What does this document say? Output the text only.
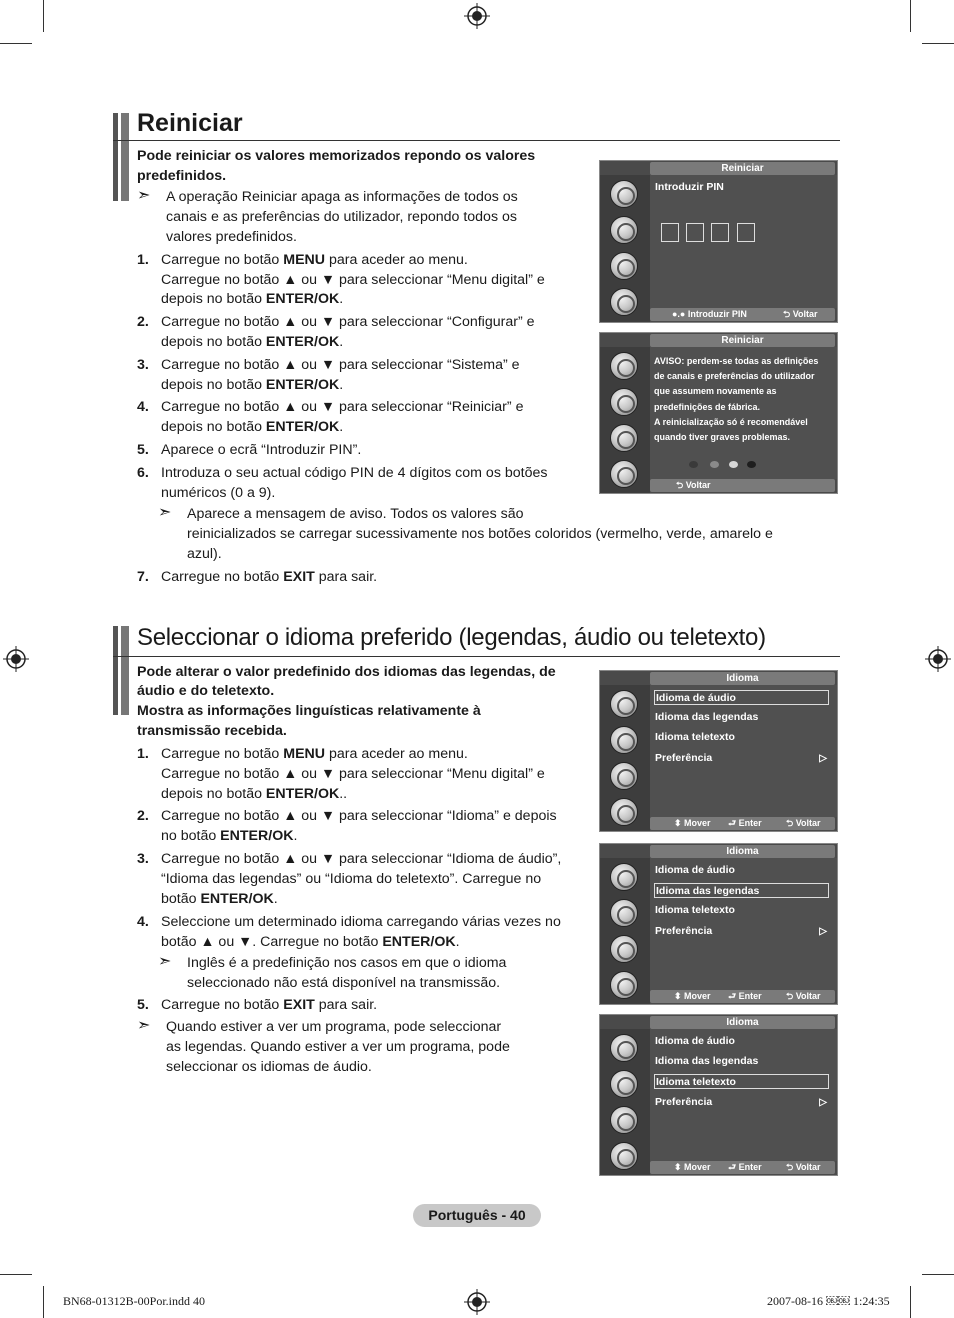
Reiniciar
Pode reiniciar os valores memorizados repondo os valores predefinidos.
➣ A operação Reiniciar apaga as informações de todos os
canais e as preferências do utilizador, repondo todos os
valores predefinidos.
1. Carregue no botão MENU para aceder ao menu.
Carregue no botão ▲ ou ▼ para seleccionar “Menu digital” e
depois no botão ENTER/OK.
2. Carregue no botão ▲ ou ▼ para seleccionar “Configurar” e
depois no botão ENTER/OK.
3. Carregue no botão ▲ ou ▼ para seleccionar “Sistema” e
depois no botão ENTER/OK.
4. Carregue no botão ▲ ou ▼ para seleccionar “Reiniciar” e
depois no botão ENTER/OK.
5. Aparece o ecrã “Introduzir PIN”.
6. Introduza o seu actual código PIN de 4 dígitos com os botões
numéricos (0 a 9).
➣ Aparece a mensagem de aviso. Todos os valores são
reinicializados se carregar sucessivamente nos botões coloridos (vermelho, verde, amarelo e
azul).
7. Carregue no botão EXIT para sair.
Reiniciar
Introduzir PIN
●.● Introduzir PIN	⮌ Voltar
Reiniciar
AVISO: perdem-se todas as definições
de canais e preferências do utilizador
que assumem novamente as
predefinições de fábrica.
A reinicialização só é recomendável
quando tiver graves problemas.
⮌ Voltar
Seleccionar o idioma preferido (legendas, áudio ou teletexto)
Pode alterar o valor predefinido dos idiomas das legendas, de
áudio e do teletexto.
Mostra as informações linguísticas relativamente à
transmissão recebida.
1. Carregue no botão MENU para aceder ao menu.
Carregue no botão ▲ ou ▼ para seleccionar “Menu digital” e
depois no botão ENTER/OK..
2. Carregue no botão ▲ ou ▼ para seleccionar “Idioma” e depois
no botão ENTER/OK.
3. Carregue no botão ▲ ou ▼ para seleccionar “Idioma de áudio”,
“Idioma das legendas” ou “Idioma do teletexto”. Carregue no
botão ENTER/OK.
4. Seleccione um determinado idioma carregando várias vezes no
botão ▲ ou ▼. Carregue no botão ENTER/OK.
➣ Inglês é a predefinição nos casos em que o idioma
seleccionado não está disponível na transmissão.
5. Carregue no botão EXIT para sair.
➣ Quando estiver a ver um programa, pode seleccionar
as legendas. Quando estiver a ver um programa, pode
seleccionar os idiomas de áudio.
Idioma
Idioma de áudio
Idioma das legendas
Idioma teletexto
Preferência	▷
⬍ Mover ⮐ Enter	⮌ Voltar
Idioma
Idioma de áudio
Idioma das legendas
Idioma teletexto
Preferência	▷
⬍ Mover ⮐ Enter	⮌ Voltar
Idioma
Idioma de áudio
Idioma das legendas
Idioma teletexto
Preferência	▷
⬍ Mover ⮐ Enter	⮌ Voltar
Português - 40
BN68-01312B-00Por.indd 40	2007-08-16 ￼￼ 1:24:35
